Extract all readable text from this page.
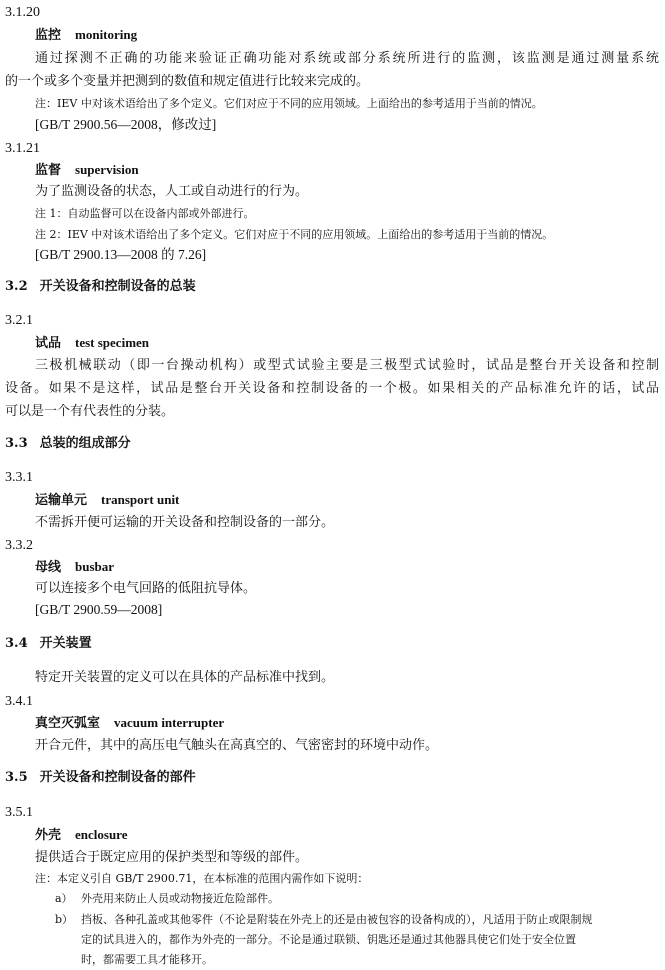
3.1.20
监控 monitoring
通过探测不正确的功能来验证正确功能对系统或部分系统所进行的监测，该监测是通过测量系统
的一个或多个变量并把测到的数值和规定值进行比较来完成的。
注：IEV 中对该术语给出了多个定义。它们对应于不同的应用领域。上面给出的参考适用于当前的情况。
[GB/T 2900.56—2008，修改过]
3.1.21
监督 supervision
为了监测设备的状态，人工或自动进行的行为。
注 1：自动监督可以在设备内部或外部进行。
注 2：IEV 中对该术语给出了多个定义。它们对应于不同的应用领域。上面给出的参考适用于当前的情况。
[GB/T 2900.13—2008 的 7.26]
3.2 开关设备和控制设备的总装
3.2.1
试品 test specimen
三极机械联动（即一台操动机构）或型式试验主要是三极型式试验时，试品是整台开关设备和控制
设备。如果不是这样，试品是整台开关设备和控制设备的一个极。如果相关的产品标准允许的话，试品
可以是一个有代表性的分装。
3.3 总装的组成部分
3.3.1
运输单元 transport unit
不需拆开便可运输的开关设备和控制设备的一部分。
3.3.2
母线 busbar
可以连接多个电气回路的低阻抗导体。
[GB/T 2900.59—2008]
3.4 开关装置
特定开关装置的定义可以在具体的产品标准中找到。
3.4.1
真空灭弧室 vacuum interrupter
开合元件，其中的高压电气触头在高真空的、气密密封的环境中动作。
3.5 开关设备和控制设备的部件
3.5.1
外壳 enclosure
提供适合于既定应用的保护类型和等级的部件。
注：本定义引自 GB/T 2900.71，在本标准的范围内需作如下说明：
a） 外壳用来防止人员或动物接近危险部件。
b） 挡板、各种孔盖或其他零件（不论是附装在外壳上的还是由被包容的设备构成的），凡适用于防止或限制规
定的试具进入的，都作为外壳的一部分。不论是通过联锁、钥匙还是通过其他器具使它们处于安全位置
时，都需要工具才能移开。
